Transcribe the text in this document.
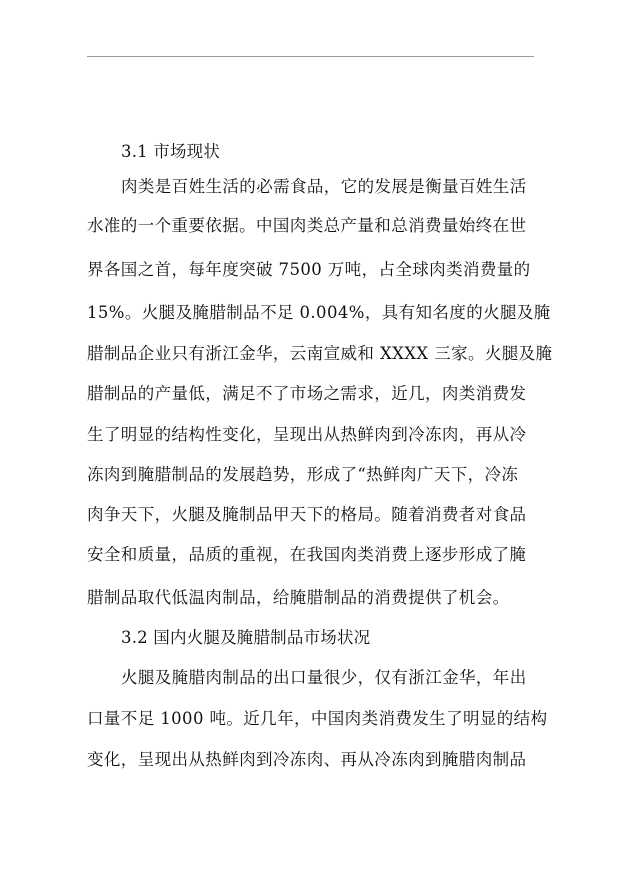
3.1 市场现状
肉类是百姓生活的必需食品，它的发展是衡量百姓生活
水准的一个重要依据。中国肉类总产量和总消费量始终在世
界各国之首，每年度突破 7500 万吨，占全球肉类消费量的
15%。火腿及腌腊制品不足 0.004%，具有知名度的火腿及腌
腊制品企业只有浙江金华，云南宣威和 XXXX 三家。火腿及腌
腊制品的产量低，满足不了市场之需求，近几，肉类消费发
生了明显的结构性变化，呈现出从热鲜肉到冷冻肉，再从冷
冻肉到腌腊制品的发展趋势，形成了“热鲜肉广天下，冷冻
肉争天下，火腿及腌制品甲天下的格局。随着消费者对食品
安全和质量，品质的重视，在我国肉类消费上逐步形成了腌
腊制品取代低温肉制品，给腌腊制品的消费提供了机会。
3.2 国内火腿及腌腊制品市场状况
火腿及腌腊肉制品的出口量很少，仅有浙江金华，年出
口量不足 1000 吨。近几年，中国肉类消费发生了明显的结构
变化，呈现出从热鲜肉到冷冻肉、再从冷冻肉到腌腊肉制品
